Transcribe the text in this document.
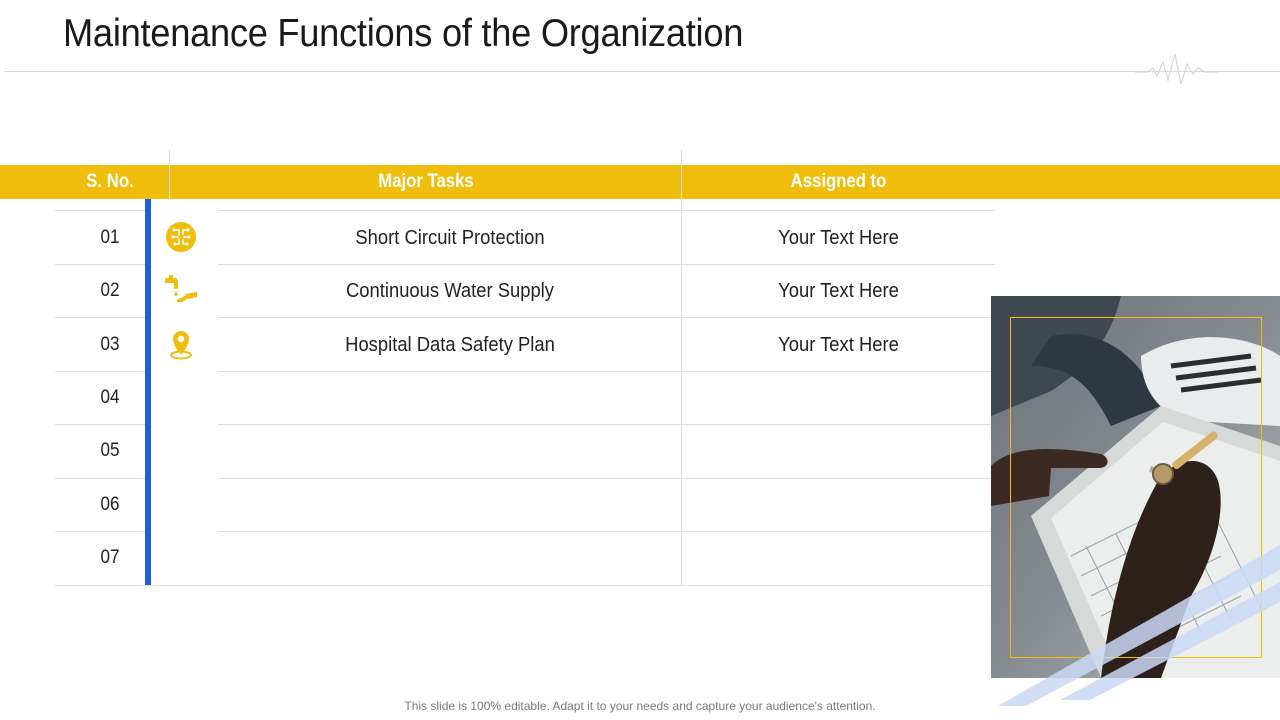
Maintenance Functions of the Organization
S. No.	Major Tasks	Assigned to
01	Short Circuit Protection	Your Text Here
02	Continuous Water Supply	Your Text Here
03	Hospital Data Safety Plan	Your Text Here
04
05
06
07
This slide is 100% editable. Adapt it to your needs and capture your audience's attention.
